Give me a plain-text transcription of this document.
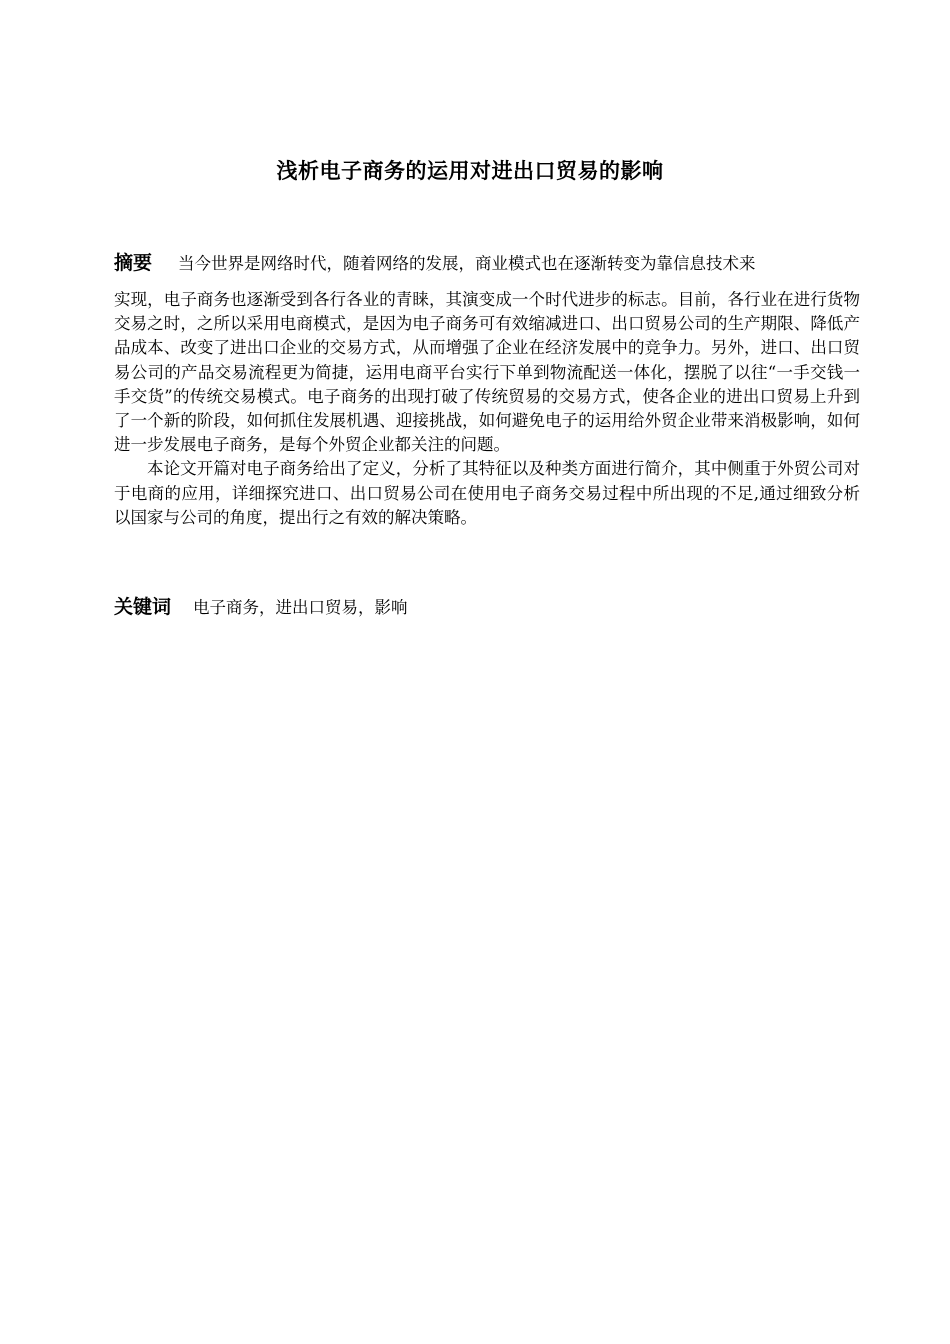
浅析电子商务的运用对进出口贸易的影响
摘要 当今世界是网络时代，随着网络的发展，商业模式也在逐渐转变为靠信息技术来

实现，电子商务也逐渐受到各行各业的青睐，其演变成一个时代进步的标志。目前，各行业在进行货物交易之时，之所以采用电商模式，是因为电子商务可有效缩减进口、出口贸易公司的生产期限、降低产品成本、改变了进出口企业的交易方式，从而增强了企业在经济发展中的竞争力。另外，进口、出口贸易公司的产品交易流程更为简捷，运用电商平台实行下单到物流配送一体化，摆脱了以往“一手交钱一手交货”的传统交易模式。电子商务的出现打破了传统贸易的交易方式，使各企业的进出口贸易上升到了一个新的阶段，如何抓住发展机遇、迎接挑战，如何避免电子的运用给外贸企业带来消极影响，如何进一步发展电子商务，是每个外贸企业都关注的问题。

本论文开篇对电子商务给出了定义，分析了其特征以及种类方面进行简介，其中侧重于外贸公司对于电商的应用，详细探究进口、出口贸易公司在使用电子商务交易过程中所出现的不足,通过细致分析以国家与公司的角度，提出行之有效的解决策略。

关键词 电子商务，进出口贸易，影响
